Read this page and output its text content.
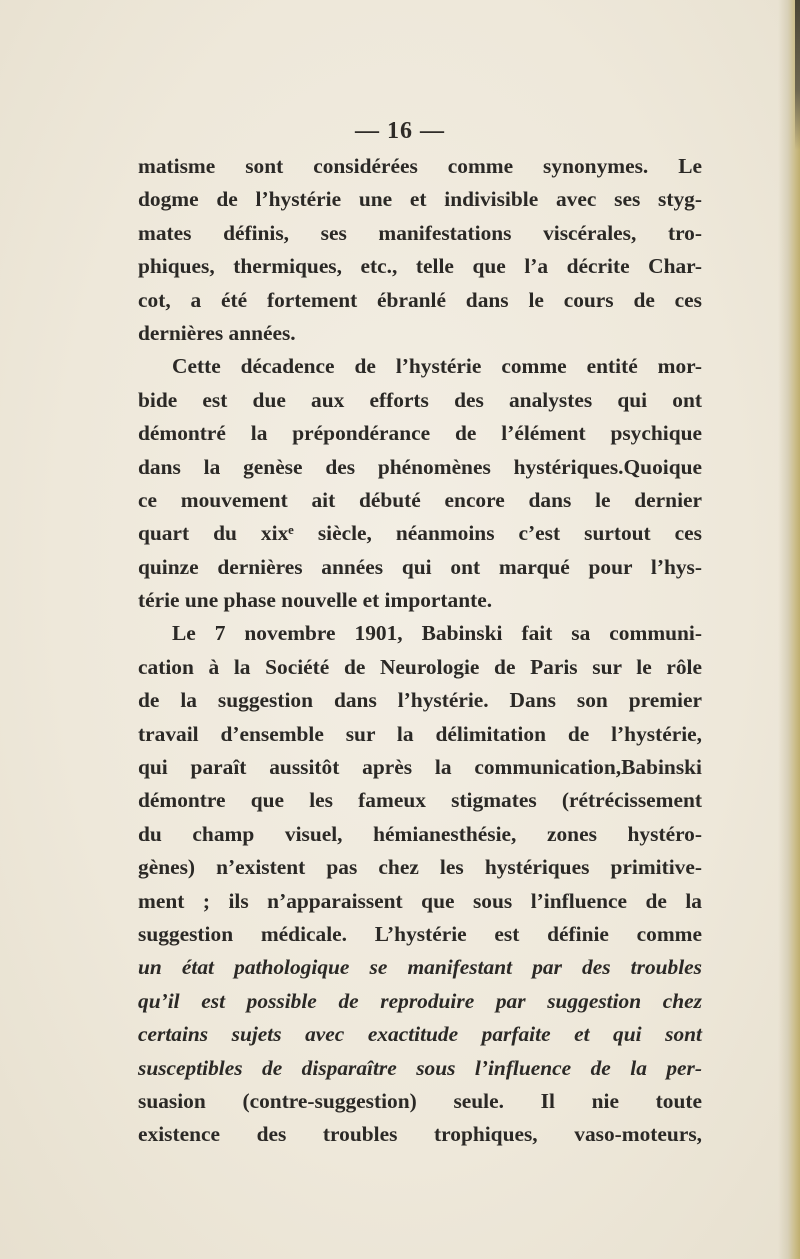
— 16 —
matisme sont considérées comme synonymes. Le
dogme de l’hystérie une et indivisible avec ses styg-
mates définis, ses manifestations viscérales, tro-
phiques, thermiques, etc., telle que l’a décrite Char-
cot, a été fortement ébranlé dans le cours de ces
dernières années.
Cette décadence de l’hystérie comme entité mor-
bide est due aux efforts des analystes qui ont
démontré la prépondérance de l’élément psychique
dans la genèse des phénomènes hystériques.Quoique
ce mouvement ait débuté encore dans le dernier
quart du xixᵉ siècle, néanmoins c’est surtout ces
quinze dernières années qui ont marqué pour l’hys-
térie une phase nouvelle et importante.
Le 7 novembre 1901, Babinski fait sa communi-
cation à la Société de Neurologie de Paris sur le rôle
de la suggestion dans l’hystérie. Dans son premier
travail d’ensemble sur la délimitation de l’hystérie,
qui paraît aussitôt après la communication,Babinski
démontre que les fameux stigmates (rétrécissement
du champ visuel, hémianesthésie, zones hystéro-
gènes) n’existent pas chez les hystériques primitive-
ment ; ils n’apparaissent que sous l’influence de la
suggestion médicale. L’hystérie est définie comme
un état pathologique se manifestant par des troubles
qu’il est possible de reproduire par suggestion chez
certains sujets avec exactitude parfaite et qui sont
susceptibles de disparaître sous l’influence de la per-
suasion (contre-suggestion) seule. Il nie toute
existence des troubles trophiques, vaso-moteurs,
